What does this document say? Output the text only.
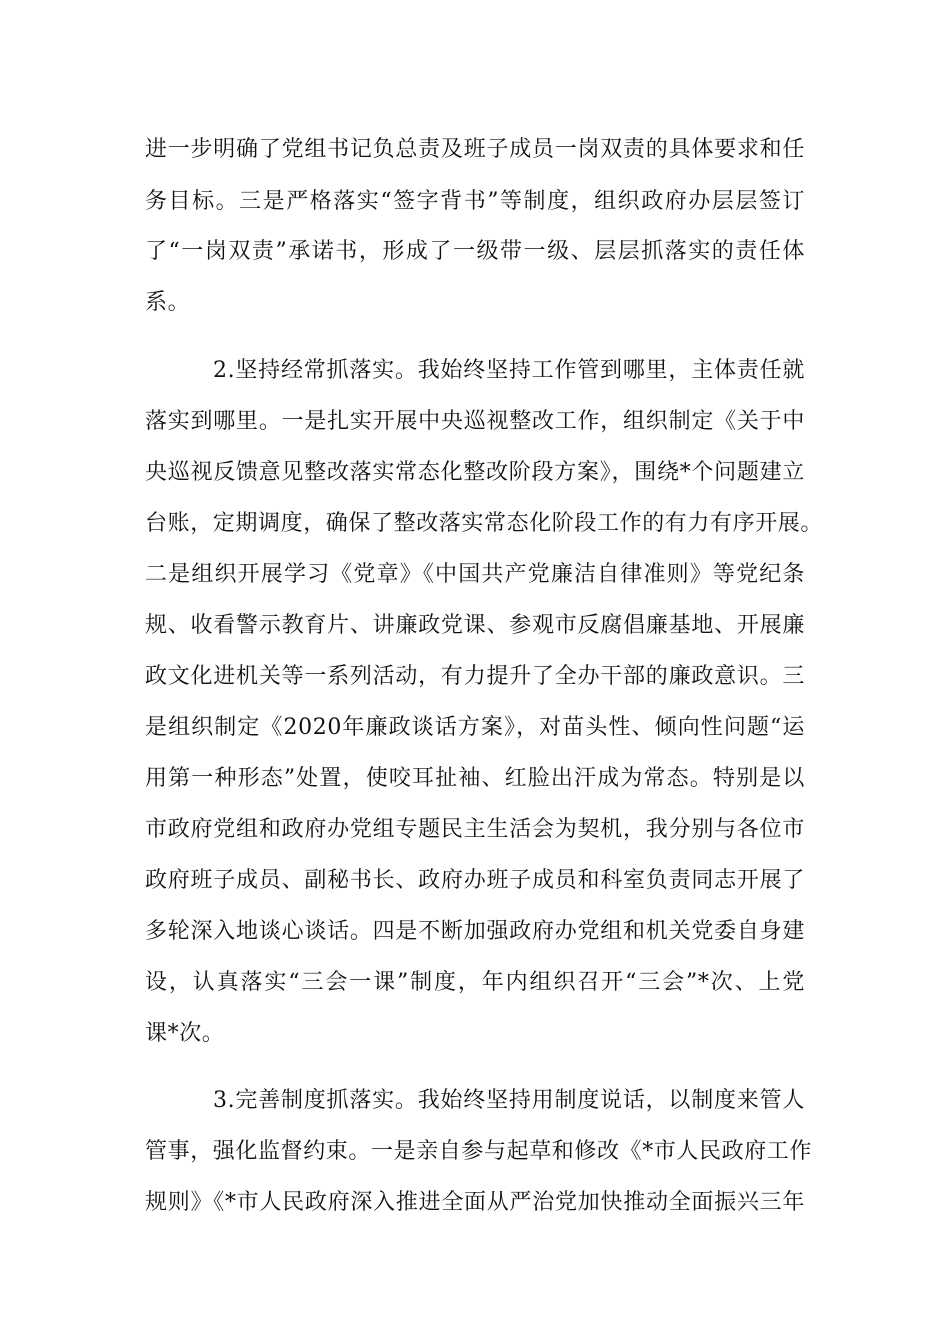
进一步明确了党组书记负总责及班子成员一岗双责的具体要求和任
务目标。三是严格落实“签字背书”等制度，组织政府办层层签订
了“一岗双责”承诺书，形成了一级带一级、层层抓落实的责任体
系。
2.坚持经常抓落实。我始终坚持工作管到哪里，主体责任就
落实到哪里。一是扎实开展中央巡视整改工作，组织制定《关于中
央巡视反馈意见整改落实常态化整改阶段方案》，围绕*个问题建立
台账，定期调度，确保了整改落实常态化阶段工作的有力有序开展。
二是组织开展学习《党章》《中国共产党廉洁自律准则》等党纪条
规、收看警示教育片、讲廉政党课、参观市反腐倡廉基地、开展廉
政文化进机关等一系列活动，有力提升了全办干部的廉政意识。三
是组织制定《2020年廉政谈话方案》，对苗头性、倾向性问题“运
用第一种形态”处置，使咬耳扯袖、红脸出汗成为常态。特别是以
市政府党组和政府办党组专题民主生活会为契机，我分别与各位市
政府班子成员、副秘书长、政府办班子成员和科室负责同志开展了
多轮深入地谈心谈话。四是不断加强政府办党组和机关党委自身建
设，认真落实“三会一课”制度，年内组织召开“三会”*次、上党
课*次。
3.完善制度抓落实。我始终坚持用制度说话，以制度来管人
管事，强化监督约束。一是亲自参与起草和修改《*市人民政府工作
规则》《*市人民政府深入推进全面从严治党加快推动全面振兴三年
